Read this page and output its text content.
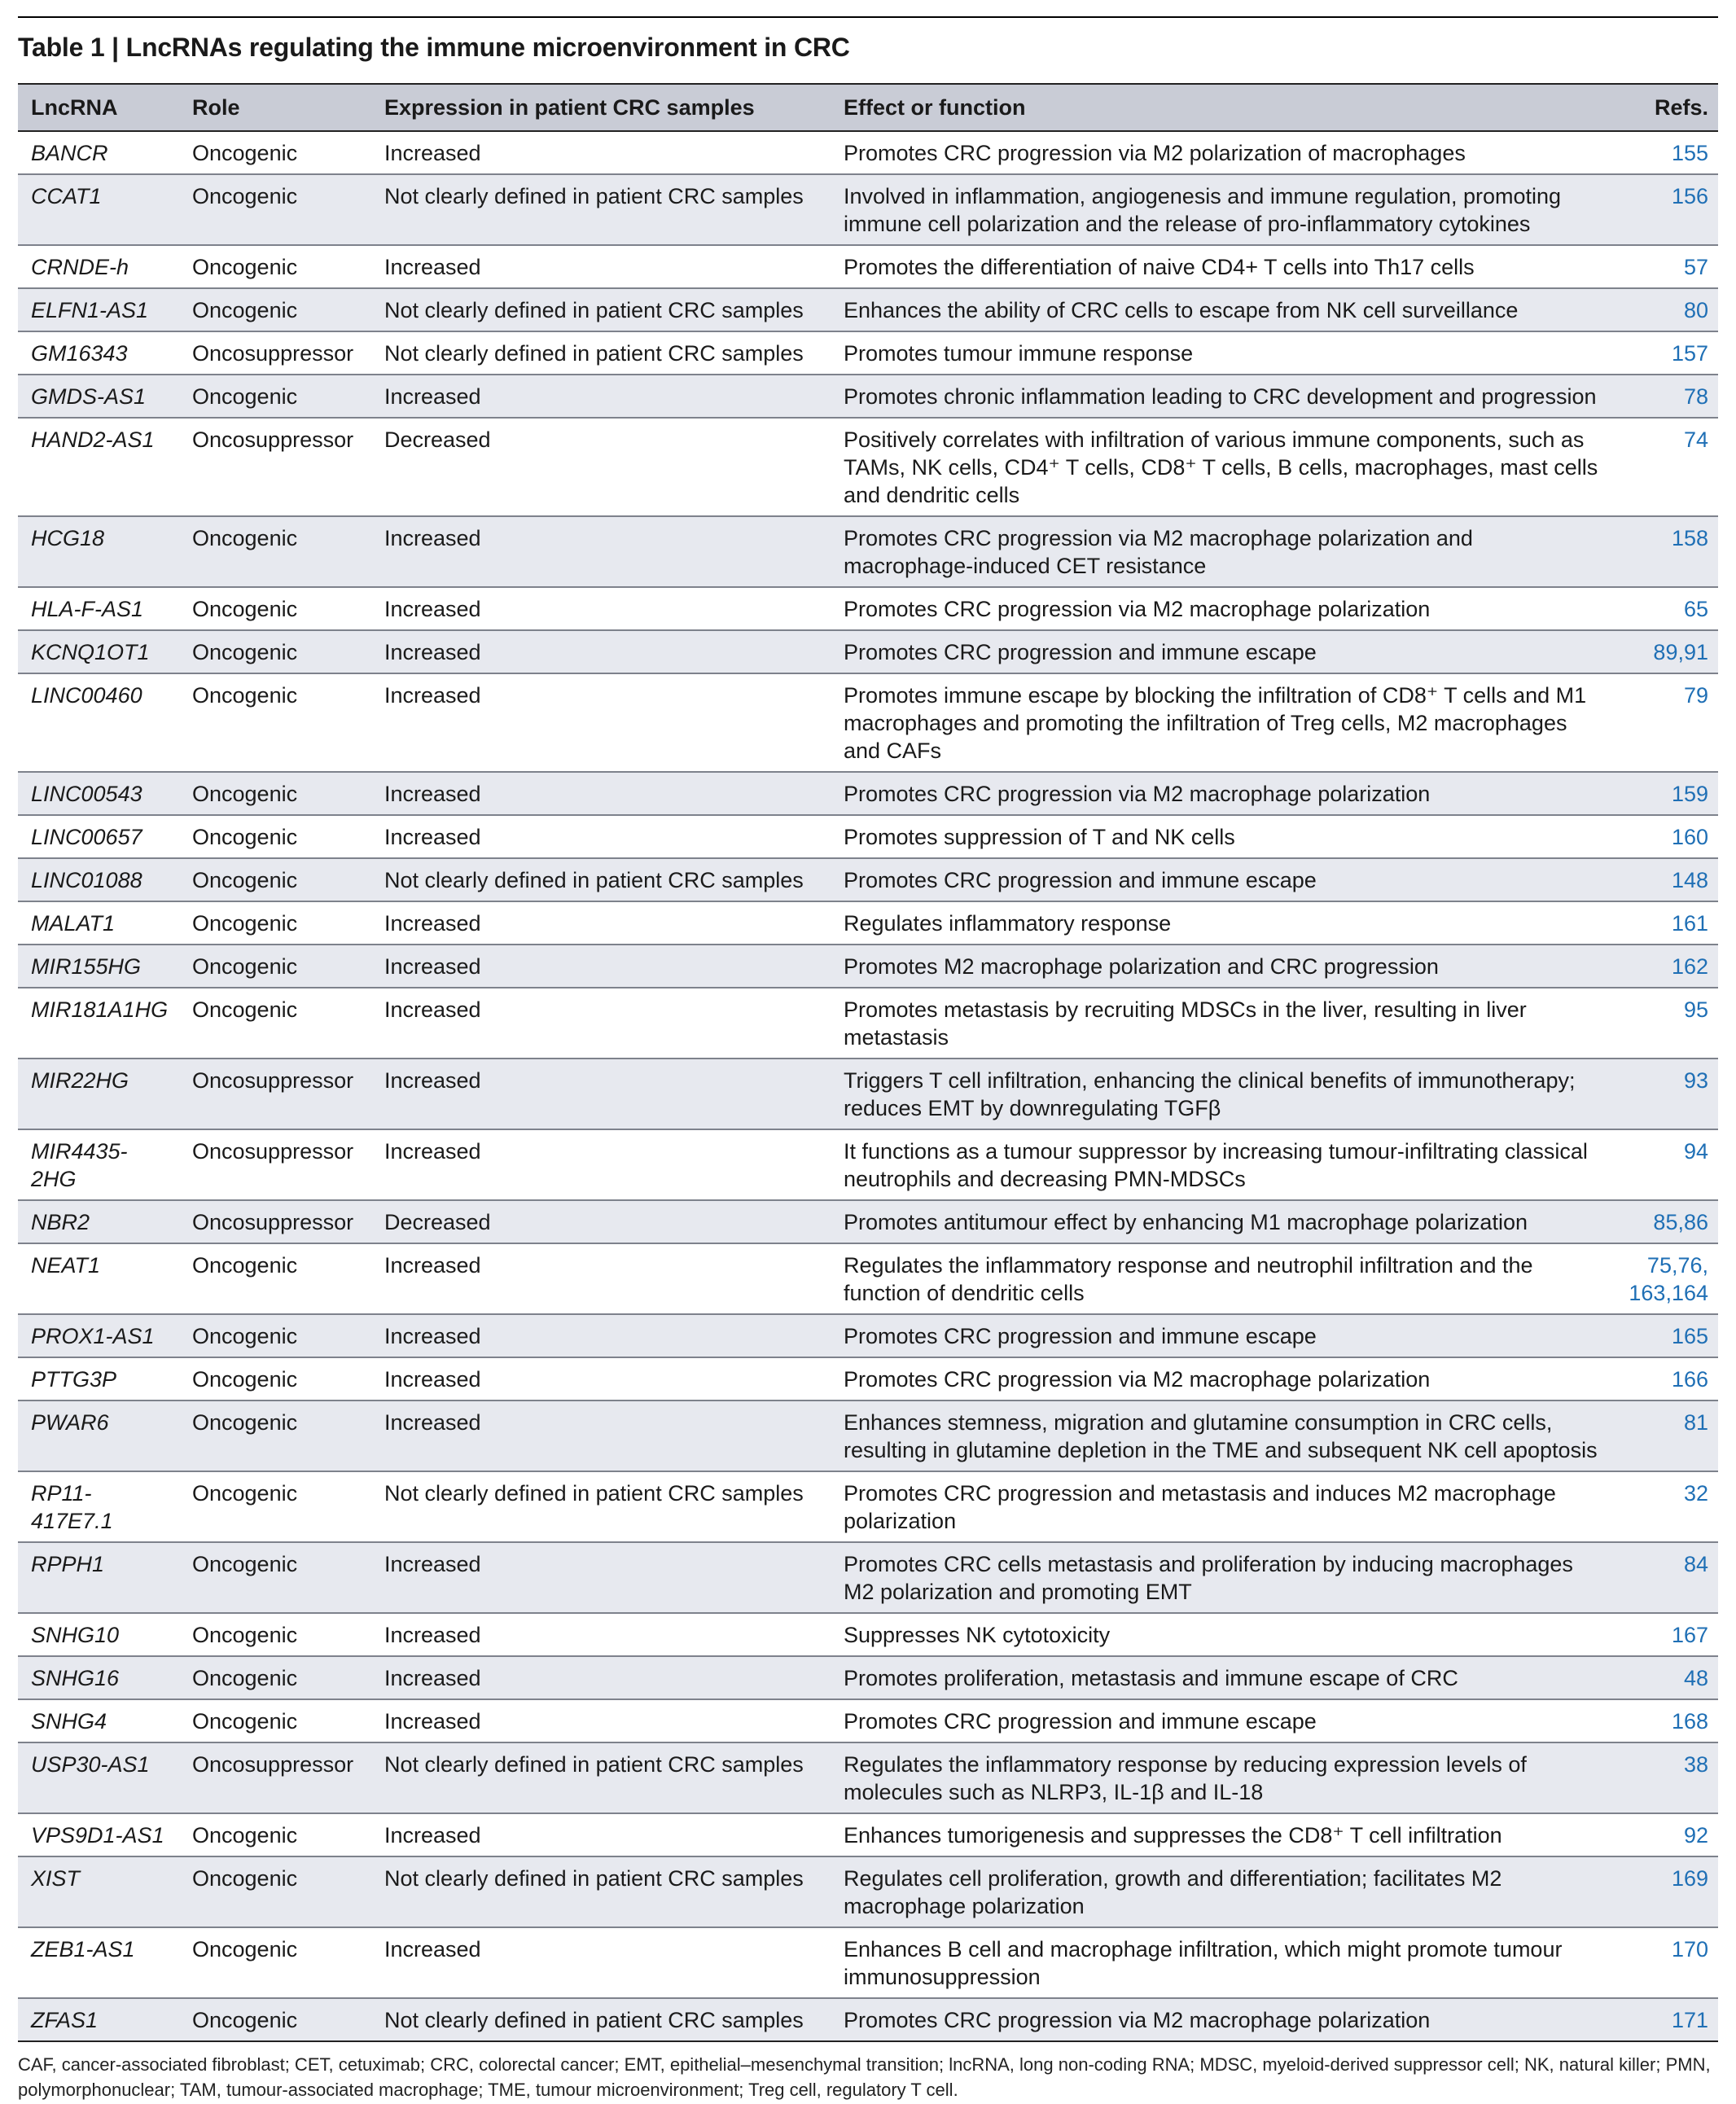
Table 1 | LncRNAs regulating the immune microenvironment in CRC
LncRNA	Role	Expression in patient CRC samples	Effect or function	Refs.
BANCR	Oncogenic	Increased	Promotes CRC progression via M2 polarization of macrophages	155
CCAT1	Oncogenic	Not clearly defined in patient CRC samples	Involved in inflammation, angiogenesis and immune regulation, promoting immune cell polarization and the release of pro-inflammatory cytokines	156
CRNDE-h	Oncogenic	Increased	Promotes the differentiation of naive CD4+ T cells into Th17 cells	57
ELFN1-AS1	Oncogenic	Not clearly defined in patient CRC samples	Enhances the ability of CRC cells to escape from NK cell surveillance	80
GM16343	Oncosuppressor	Not clearly defined in patient CRC samples	Promotes tumour immune response	157
GMDS-AS1	Oncogenic	Increased	Promotes chronic inflammation leading to CRC development and progression	78
HAND2-AS1	Oncosuppressor	Decreased	Positively correlates with infiltration of various immune components, such as TAMs, NK cells, CD4⁺ T cells, CD8⁺ T cells, B cells, macrophages, mast cells and dendritic cells	74
HCG18	Oncogenic	Increased	Promotes CRC progression via M2 macrophage polarization and macrophage-induced CET resistance	158
HLA-F-AS1	Oncogenic	Increased	Promotes CRC progression via M2 macrophage polarization	65
KCNQ1OT1	Oncogenic	Increased	Promotes CRC progression and immune escape	89,91
LINC00460	Oncogenic	Increased	Promotes immune escape by blocking the infiltration of CD8⁺ T cells and M1 macrophages and promoting the infiltration of Treg cells, M2 macrophages and CAFs	79
LINC00543	Oncogenic	Increased	Promotes CRC progression via M2 macrophage polarization	159
LINC00657	Oncogenic	Increased	Promotes suppression of T and NK cells	160
LINC01088	Oncogenic	Not clearly defined in patient CRC samples	Promotes CRC progression and immune escape	148
MALAT1	Oncogenic	Increased	Regulates inflammatory response	161
MIR155HG	Oncogenic	Increased	Promotes M2 macrophage polarization and CRC progression	162
MIR181A1HG	Oncogenic	Increased	Promotes metastasis by recruiting MDSCs in the liver, resulting in liver metastasis	95
MIR22HG	Oncosuppressor	Increased	Triggers T cell infiltration, enhancing the clinical benefits of immunotherapy; reduces EMT by downregulating TGFβ	93
MIR4435-2HG	Oncosuppressor	Increased	It functions as a tumour suppressor by increasing tumour-infiltrating classical neutrophils and decreasing PMN-MDSCs	94
NBR2	Oncosuppressor	Decreased	Promotes antitumour effect by enhancing M1 macrophage polarization	85,86
NEAT1	Oncogenic	Increased	Regulates the inflammatory response and neutrophil infiltration and the function of dendritic cells	75,76, 163,164
PROX1-AS1	Oncogenic	Increased	Promotes CRC progression and immune escape	165
PTTG3P	Oncogenic	Increased	Promotes CRC progression via M2 macrophage polarization	166
PWAR6	Oncogenic	Increased	Enhances stemness, migration and glutamine consumption in CRC cells, resulting in glutamine depletion in the TME and subsequent NK cell apoptosis	81
RP11-417E7.1	Oncogenic	Not clearly defined in patient CRC samples	Promotes CRC progression and metastasis and induces M2 macrophage polarization	32
RPPH1	Oncogenic	Increased	Promotes CRC cells metastasis and proliferation by inducing macrophages M2 polarization and promoting EMT	84
SNHG10	Oncogenic	Increased	Suppresses NK cytotoxicity	167
SNHG16	Oncogenic	Increased	Promotes proliferation, metastasis and immune escape of CRC	48
SNHG4	Oncogenic	Increased	Promotes CRC progression and immune escape	168
USP30-AS1	Oncosuppressor	Not clearly defined in patient CRC samples	Regulates the inflammatory response by reducing expression levels of molecules such as NLRP3, IL-1β and IL-18	38
VPS9D1-AS1	Oncogenic	Increased	Enhances tumorigenesis and suppresses the CD8⁺ T cell infiltration	92
XIST	Oncogenic	Not clearly defined in patient CRC samples	Regulates cell proliferation, growth and differentiation; facilitates M2 macrophage polarization	169
ZEB1-AS1	Oncogenic	Increased	Enhances B cell and macrophage infiltration, which might promote tumour immunosuppression	170
ZFAS1	Oncogenic	Not clearly defined in patient CRC samples	Promotes CRC progression via M2 macrophage polarization	171
CAF, cancer-associated fibroblast; CET, cetuximab; CRC, colorectal cancer; EMT, epithelial–mesenchymal transition; lncRNA, long non-coding RNA; MDSC, myeloid-derived suppressor cell; NK, natural killer; PMN, polymorphonuclear; TAM, tumour-associated macrophage; TME, tumour microenvironment; Treg cell, regulatory T cell.
